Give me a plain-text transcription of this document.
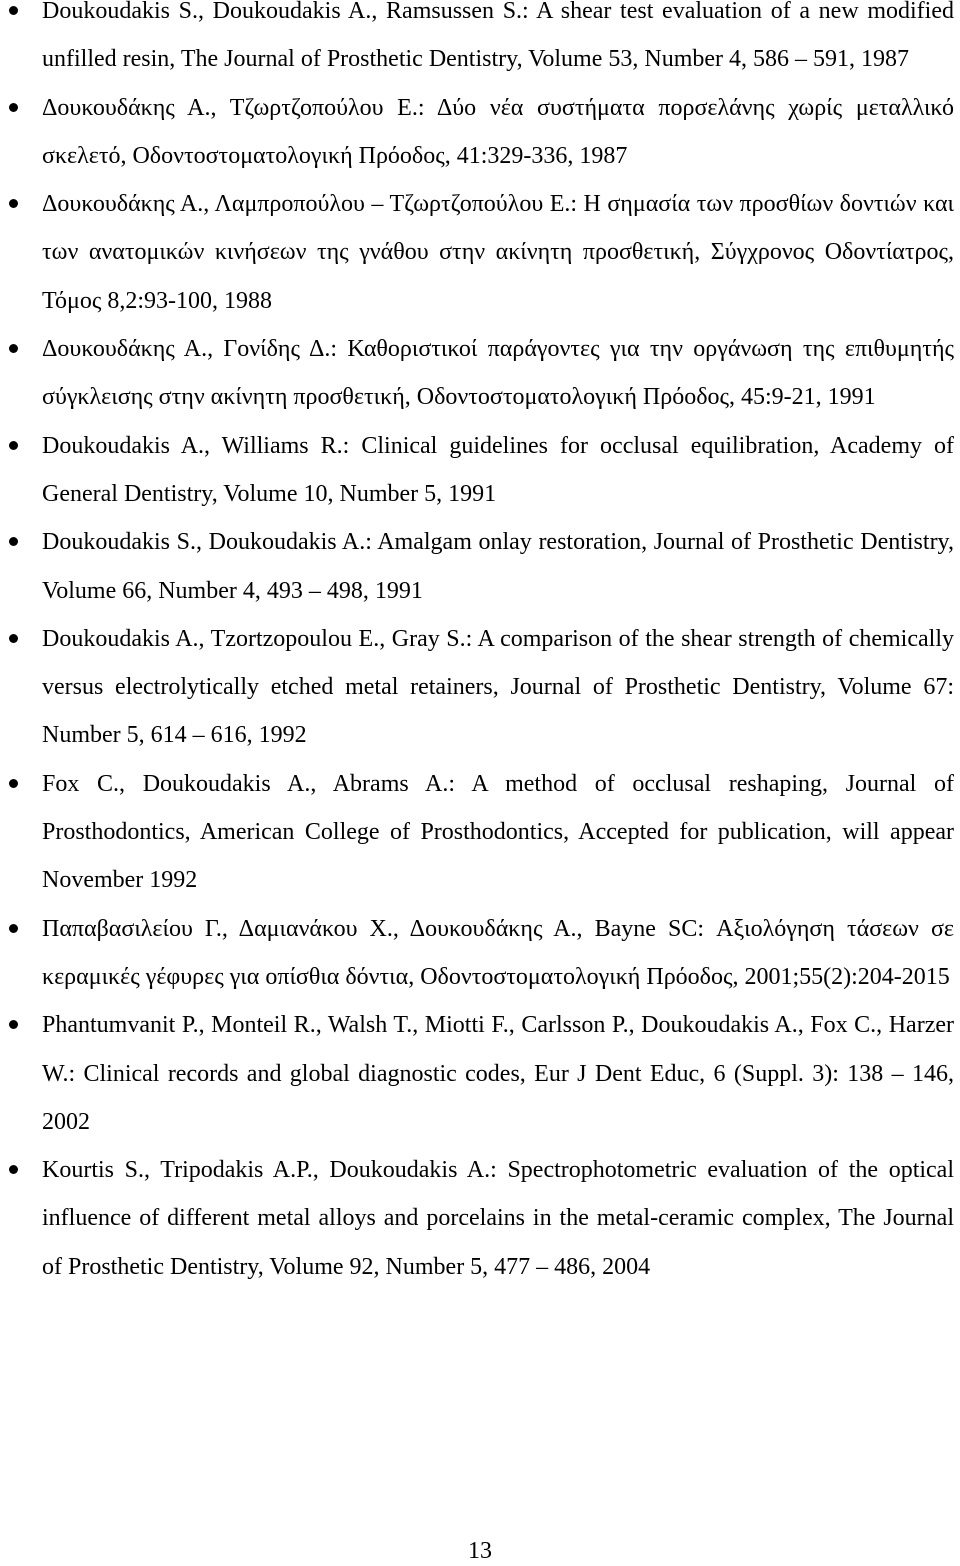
Doukoudakis S., Doukoudakis A., Ramsussen S.: A shear test evaluation of a new modified unfilled resin, The Journal of Prosthetic Dentistry, Volume 53, Number 4, 586 – 591, 1987
Δουκουδάκης Α., Τζωρτζοπούλου Ε.: Δύο νέα συστήματα πορσελάνης χωρίς μεταλλικό σκελετό, Οδοντοστοματολογική Πρόοδος, 41:329-336, 1987
Δουκουδάκης Α., Λαμπροπούλου – Τζωρτζοπούλου Ε.: Η σημασία των προσθίων δοντιών και των ανατομικών κινήσεων της γνάθου στην ακίνητη προσθετική, Σύγχρονος Οδοντίατρος, Τόμος 8,2:93-100, 1988
Δουκουδάκης Α., Γονίδης Δ.: Καθοριστικοί παράγοντες για την οργάνωση της επιθυμητής σύγκλεισης στην ακίνητη προσθετική, Οδοντοστοματολογική Πρόοδος, 45:9-21, 1991
Doukoudakis A., Williams R.: Clinical guidelines for occlusal equilibration, Academy of General Dentistry, Volume 10, Number 5, 1991
Doukoudakis S., Doukoudakis A.: Amalgam onlay restoration, Journal of Prosthetic Dentistry, Volume 66, Number 4, 493 – 498, 1991
Doukoudakis A., Tzortzopoulou E., Gray S.: A comparison of the shear strength of chemically versus electrolytically etched metal retainers, Journal of Prosthetic Dentistry, Volume 67: Number 5, 614 – 616, 1992
Fox C., Doukoudakis A., Abrams A.: A method of occlusal reshaping, Journal of Prosthodontics, American College of Prosthodontics, Accepted for publication, will appear November 1992
Παπαβασιλείου Γ., Δαμιανάκου Χ., Δουκουδάκης Α., Bayne SC: Αξιολόγηση τάσεων σε κεραμικές γέφυρες για οπίσθια δόντια, Οδοντοστοματολογική Πρόοδος, 2001;55(2):204-2015
Phantumvanit P., Monteil R., Walsh T., Miotti F., Carlsson P., Doukoudakis A., Fox C., Harzer W.: Clinical records and global diagnostic codes, Eur J Dent Educ, 6 (Suppl. 3): 138 – 146, 2002
Kourtis S., Tripodakis A.P., Doukoudakis A.: Spectrophotometric evaluation of the optical influence of different metal alloys and porcelains in the metal-ceramic complex, The Journal of Prosthetic Dentistry, Volume 92, Number 5, 477 – 486, 2004
13
